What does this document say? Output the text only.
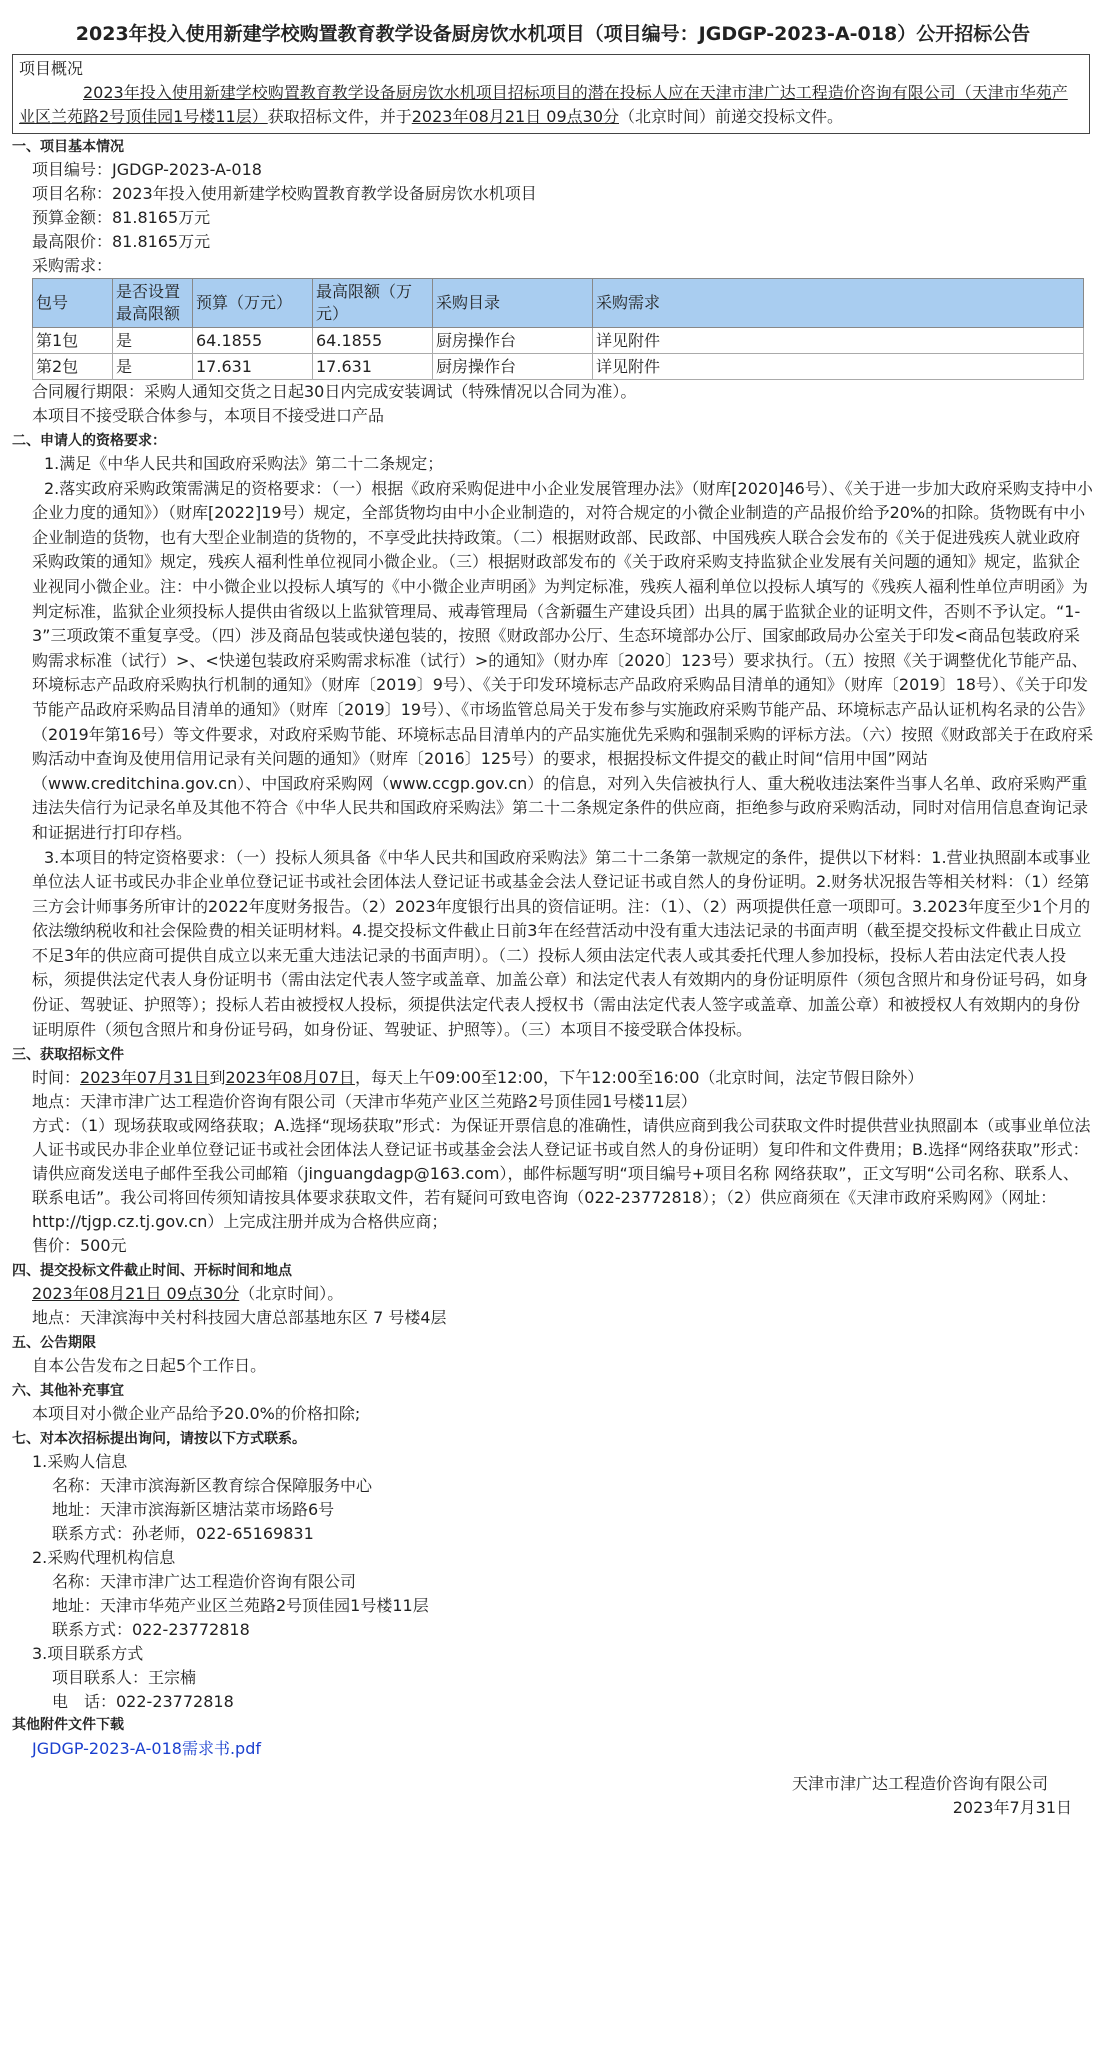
2023年投入使用新建学校购置教育教学设备厨房饮水机项目（项目编号：JGDGP-2023-A-018）公开招标公告
项目概况
2023年投入使用新建学校购置教育教学设备厨房饮水机项目招标项目的潜在投标人应在天津市津广达工程造价咨询有限公司（天津市华苑产业区兰苑路2号顶佳园1号楼11层）获取招标文件，并于2023年08月21日 09点30分（北京时间）前递交投标文件。
一、项目基本情况
项目编号：JGDGP-2023-A-018
项目名称：2023年投入使用新建学校购置教育教学设备厨房饮水机项目
预算金额：81.8165万元
最高限价：81.8165万元
采购需求：
包号	是否设置最高限额	预算（万元）	最高限额（万元）	采购目录	采购需求
第1包	是	64.1855	64.1855	厨房操作台	详见附件
第2包	是	17.631	17.631	厨房操作台	详见附件
合同履行期限：采购人通知交货之日起30日内完成安装调试（特殊情况以合同为准）。
本项目不接受联合体参与，本项目不接受进口产品
二、申请人的资格要求：
1.满足《中华人民共和国政府采购法》第二十二条规定；
2.落实政府采购政策需满足的资格要求：（一）根据《政府采购促进中小企业发展管理办法》（财库[2020]46号）、《关于进一步加大政府采购支持中小企业力度的通知》）（财库[2022]19号）规定，全部货物均由中小企业制造的，对符合规定的小微企业制造的产品报价给予20%的扣除。货物既有中小企业制造的货物，也有大型企业制造的货物的，不享受此扶持政策。（二）根据财政部、民政部、中国残疾人联合会发布的《关于促进残疾人就业政府采购政策的通知》规定，残疾人福利性单位视同小微企业。（三）根据财政部发布的《关于政府采购支持监狱企业发展有关问题的通知》规定，监狱企业视同小微企业。注：中小微企业以投标人填写的《中小微企业声明函》为判定标准，残疾人福利单位以投标人填写的《残疾人福利性单位声明函》为判定标准，监狱企业须投标人提供由省级以上监狱管理局、戒毒管理局（含新疆生产建设兵团）出具的属于监狱企业的证明文件，否则不予认定。“1-3”三项政策不重复享受。（四）涉及商品包装或快递包装的，按照《财政部办公厅、生态环境部办公厅、国家邮政局办公室关于印发<商品包装政府采购需求标准（试行）>、<快递包装政府采购需求标准（试行）>的通知》（财办库〔2020〕123号）要求执行。（五）按照《关于调整优化节能产品、环境标志产品政府采购执行机制的通知》（财库〔2019〕9号）、《关于印发环境标志产品政府采购品目清单的通知》（财库〔2019〕18号）、《关于印发节能产品政府采购品目清单的通知》（财库〔2019〕19号）、《市场监管总局关于发布参与实施政府采购节能产品、环境标志产品认证机构名录的公告》（2019年第16号）等文件要求，对政府采购节能、环境标志品目清单内的产品实施优先采购和强制采购的评标方法。（六）按照《财政部关于在政府采购活动中查询及使用信用记录有关问题的通知》（财库〔2016〕125号）的要求，根据投标文件提交的截止时间“信用中国”网站（www.creditchina.gov.cn）、中国政府采购网（www.ccgp.gov.cn）的信息，对列入失信被执行人、重大税收违法案件当事人名单、政府采购严重违法失信行为记录名单及其他不符合《中华人民共和国政府采购法》第二十二条规定条件的供应商，拒绝参与政府采购活动，同时对信用信息查询记录和证据进行打印存档。
3.本项目的特定资格要求：（一）投标人须具备《中华人民共和国政府采购法》第二十二条第一款规定的条件，提供以下材料：1.营业执照副本或事业单位法人证书或民办非企业单位登记证书或社会团体法人登记证书或基金会法人登记证书或自然人的身份证明。2.财务状况报告等相关材料：（1）经第三方会计师事务所审计的2022年度财务报告。（2）2023年度银行出具的资信证明。注：（1）、（2）两项提供任意一项即可。3.2023年度至少1个月的依法缴纳税收和社会保险费的相关证明材料。4.提交投标文件截止日前3年在经营活动中没有重大违法记录的书面声明（截至提交投标文件截止日成立不足3年的供应商可提供自成立以来无重大违法记录的书面声明）。（二）投标人须由法定代表人或其委托代理人参加投标，投标人若由法定代表人投标，须提供法定代表人身份证明书（需由法定代表人签字或盖章、加盖公章）和法定代表人有效期内的身份证明原件（须包含照片和身份证号码，如身份证、驾驶证、护照等）；投标人若由被授权人投标，须提供法定代表人授权书（需由法定代表人签字或盖章、加盖公章）和被授权人有效期内的身份证明原件（须包含照片和身份证号码，如身份证、驾驶证、护照等）。（三）本项目不接受联合体投标。
三、获取招标文件
时间：2023年07月31日到2023年08月07日，每天上午09:00至12:00，下午12:00至16:00（北京时间，法定节假日除外）
地点：天津市津广达工程造价咨询有限公司（天津市华苑产业区兰苑路2号顶佳园1号楼11层）
方式：（1）现场获取或网络获取；A.选择“现场获取”形式：为保证开票信息的准确性，请供应商到我公司获取文件时提供营业执照副本（或事业单位法人证书或民办非企业单位登记证书或社会团体法人登记证书或基金会法人登记证书或自然人的身份证明）复印件和文件费用；B.选择“网络获取”形式：请供应商发送电子邮件至我公司邮箱（jinguangdagp@163.com），邮件标题写明“项目编号+项目名称 网络获取”，正文写明“公司名称、联系人、联系电话”。我公司将回传须知请按具体要求获取文件，若有疑问可致电咨询（022-23772818）；（2）供应商须在《天津市政府采购网》（网址：http://tjgp.cz.tj.gov.cn）上完成注册并成为合格供应商；
售价：500元
四、提交投标文件截止时间、开标时间和地点
2023年08月21日 09点30分（北京时间）。
地点：天津滨海中关村科技园大唐总部基地东区 7 号楼4层
五、公告期限
自本公告发布之日起5个工作日。
六、其他补充事宜
本项目对小微企业产品给予20.0%的价格扣除;
七、对本次招标提出询问，请按以下方式联系。
1.采购人信息
名称：天津市滨海新区教育综合保障服务中心
地址：天津市滨海新区塘沽菜市场路6号
联系方式：孙老师，022-65169831
2.采购代理机构信息
名称：天津市津广达工程造价咨询有限公司
地址：天津市华苑产业区兰苑路2号顶佳园1号楼11层
联系方式：022-23772818
3.项目联系方式
项目联系人：王宗楠
电　话：022-23772818
其他附件文件下载
JGDGP-2023-A-018需求书.pdf
天津市津广达工程造价咨询有限公司
2023年7月31日
